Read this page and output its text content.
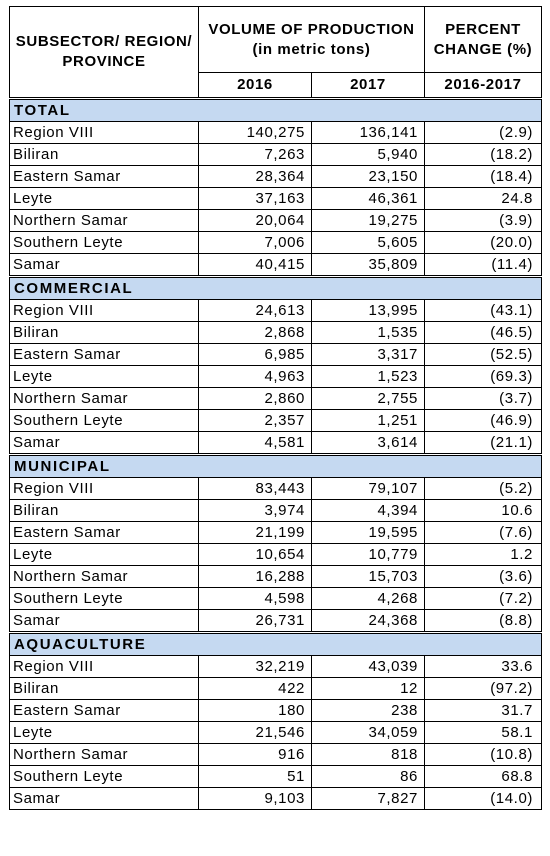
SUBSECTOR/ REGION/ PROVINCE	VOLUME OF PRODUCTION (in metric tons)		PERCENT CHANGE (%)
	2016	2017	2016-2017
TOTAL			
Region VIII	140,275	136,141	(2.9)
Biliran	7,263	5,940	(18.2)
Eastern Samar	28,364	23,150	(18.4)
Leyte	37,163	46,361	24.8
Northern Samar	20,064	19,275	(3.9)
Southern Leyte	7,006	5,605	(20.0)
Samar	40,415	35,809	(11.4)
COMMERCIAL			
Region VIII	24,613	13,995	(43.1)
Biliran	2,868	1,535	(46.5)
Eastern Samar	6,985	3,317	(52.5)
Leyte	4,963	1,523	(69.3)
Northern Samar	2,860	2,755	(3.7)
Southern Leyte	2,357	1,251	(46.9)
Samar	4,581	3,614	(21.1)
MUNICIPAL			
Region VIII	83,443	79,107	(5.2)
Biliran	3,974	4,394	10.6
Eastern Samar	21,199	19,595	(7.6)
Leyte	10,654	10,779	1.2
Northern Samar	16,288	15,703	(3.6)
Southern Leyte	4,598	4,268	(7.2)
Samar	26,731	24,368	(8.8)
AQUACULTURE			
Region VIII	32,219	43,039	33.6
Biliran	422	12	(97.2)
Eastern Samar	180	238	31.7
Leyte	21,546	34,059	58.1
Northern Samar	916	818	(10.8)
Southern Leyte	51	86	68.8
Samar	9,103	7,827	(14.0)
